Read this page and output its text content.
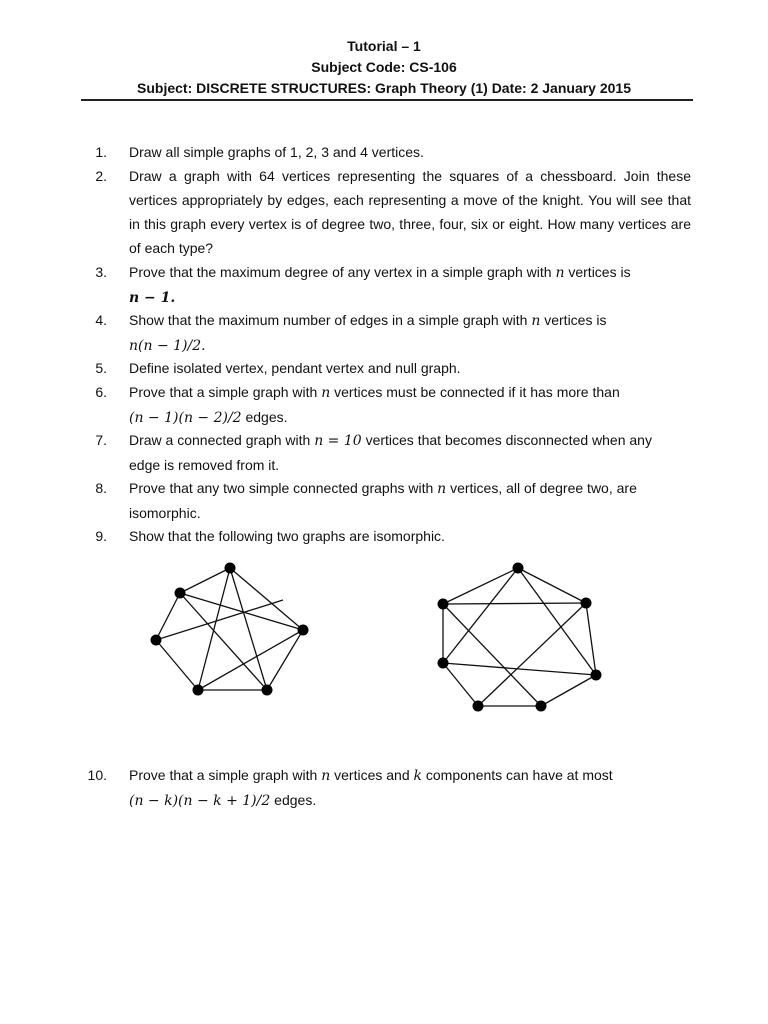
Tutorial – 1
Subject Code: CS-106
Subject: DISCRETE STRUCTURES: Graph Theory (1) Date: 2 January 2015
1. Draw all simple graphs of 1, 2, 3 and 4 vertices.
2. Draw a graph with 64 vertices representing the squares of a chessboard. Join these vertices appropriately by edges, each representing a move of the knight. You will see that in this graph every vertex is of degree two, three, four, six or eight. How many vertices are of each type?
3. Prove that the maximum degree of any vertex in a simple graph with n vertices is
n − 1.
4. Show that the maximum number of edges in a simple graph with n vertices is
n(n − 1)/2.
5. Define isolated vertex, pendant vertex and null graph.
6. Prove that a simple graph with n vertices must be connected if it has more than
(n − 1)(n − 2)/2 edges.
7. Draw a connected graph with n = 10 vertices that becomes disconnected when any
edge is removed from it.
8. Prove that any two simple connected graphs with n vertices, all of degree two, are
isomorphic.
9. Show that the following two graphs are isomorphic.
10. Prove that a simple graph with n vertices and k components can have at most
(n − k)(n − k + 1)/2 edges.
